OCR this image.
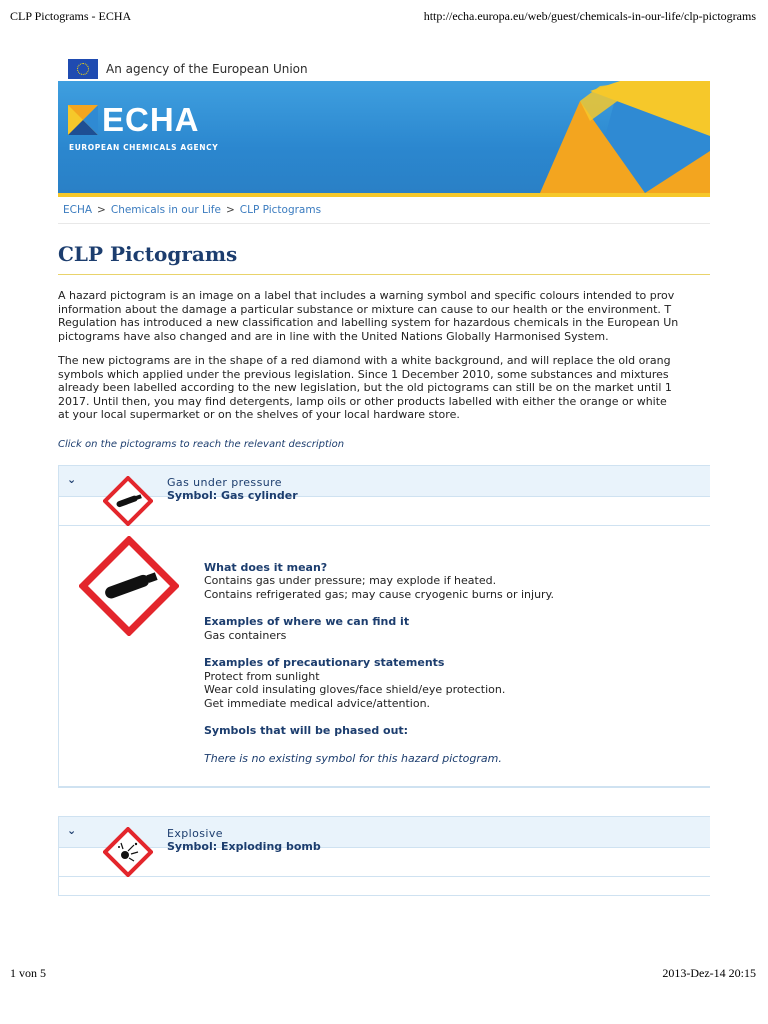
CLP Pictograms - ECHA	http://echa.europa.eu/web/guest/chemicals-in-our-life/clp-pictograms
An agency of the European Union
ECHA
EUROPEAN CHEMICALS AGENCY
ECHA > Chemicals in our Life > CLP Pictograms
CLP Pictograms
A hazard pictogram is an image on a label that includes a warning symbol and specific colours intended to prov
information about the damage a particular substance or mixture can cause to our health or the environment. T
Regulation has introduced a new classification and labelling system for hazardous chemicals in the European Un
pictograms have also changed and are in line with the United Nations Globally Harmonised System.
The new pictograms are in the shape of a red diamond with a white background, and will replace the old orang
symbols which applied under the previous legislation. Since 1 December 2010, some substances and mixtures
already been labelled according to the new legislation, but the old pictograms can still be on the market until 1
2017. Until then, you may find detergents, lamp oils or other products labelled with either the orange or white
at your local supermarket or on the shelves of your local hardware store.
Click on the pictograms to reach the relevant description
⌄	Gas under pressure
Symbol: Gas cylinder
What does it mean?
Contains gas under pressure; may explode if heated.
Contains refrigerated gas; may cause cryogenic burns or injury.
Examples of where we can find it
Gas containers
Examples of precautionary statements
Protect from sunlight
Wear cold insulating gloves/face shield/eye protection.
Get immediate medical advice/attention.
Symbols that will be phased out:
There is no existing symbol for this hazard pictogram.
⌄	Explosive
Symbol: Exploding bomb
1 von 5	2013-Dez-14 20:15
